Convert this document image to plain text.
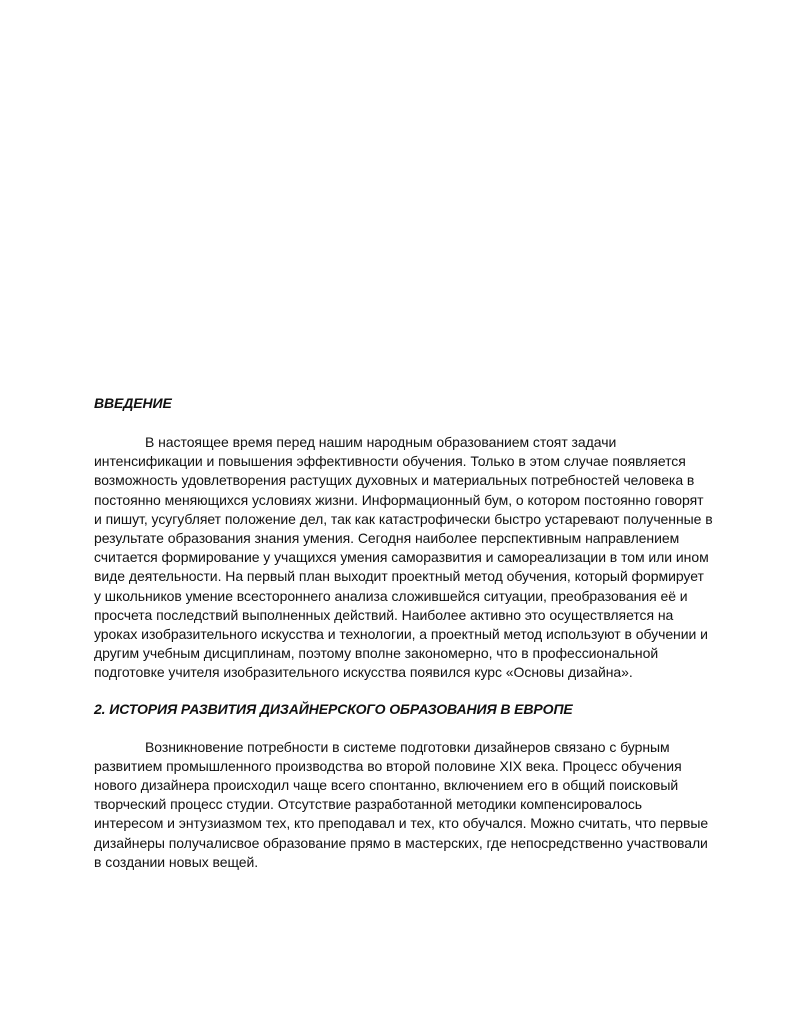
ВВЕДЕНИЕ

В настоящее время перед нашим народным образованием стоят задачи интенсификации и повышения эффективности обучения. Только в этом случае появляется возможность удовлетворения растущих духовных и материальных потребностей человека в постоянно меняющихся условиях жизни. Информационный бум, о котором постоянно говорят и пишут, усугубляет положение дел, так как катастрофически быстро устаревают полученные в результате образования знания умения. Сегодня наиболее перспективным направлением считается формирование у учащихся умения саморазвития и самореализации в том или ином виде деятельности. На первый план выходит проектный метод обучения, который формирует у школьников умение всестороннего анализа сложившейся ситуации, преобразования её и просчета последствий выполненных действий. Наиболее активно это осуществляется на уроках изобразительного искусства и технологии, а проектный метод используют в обучении и другим учебным дисциплинам, поэтому вполне закономерно, что в профессиональной подготовке учителя изобразительного искусства появился курс «Основы дизайна».

2. ИСТОРИЯ РАЗВИТИЯ ДИЗАЙНЕРСКОГО ОБРАЗОВАНИЯ В ЕВРОПЕ

Возникновение потребности в системе подготовки дизайнеров связано с бурным развитием промышленного производства во второй половине XIX века. Процесс обучения нового дизайнера происходил чаще всего спонтанно, включением его в общий поисковый творческий процесс студии. Отсутствие разработанной методики компенсировалось интересом и энтузиазмом тех, кто преподавал и тех, кто обучался. Можно считать, что первые дизайнеры получалисвое образование прямо в мастерских, где непосредственно участвовали в создании новых вещей.
